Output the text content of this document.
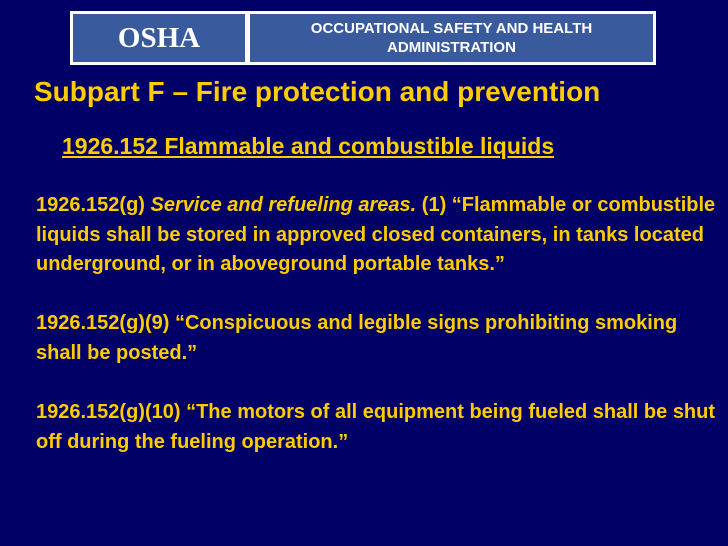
OSHA	OCCUPATIONAL SAFETY AND HEALTH ADMINISTRATION
Subpart F – Fire protection and prevention
1926.152 Flammable and combustible liquids

1926.152(g) Service and refueling areas. (1) “Flammable or combustible liquids shall be stored in approved closed containers, in tanks located underground, or in aboveground portable tanks.”

1926.152(g)(9) “Conspicuous and legible signs prohibiting smoking shall be posted.”

1926.152(g)(10) “The motors of all equipment being fueled shall be shut off during the fueling operation.”
